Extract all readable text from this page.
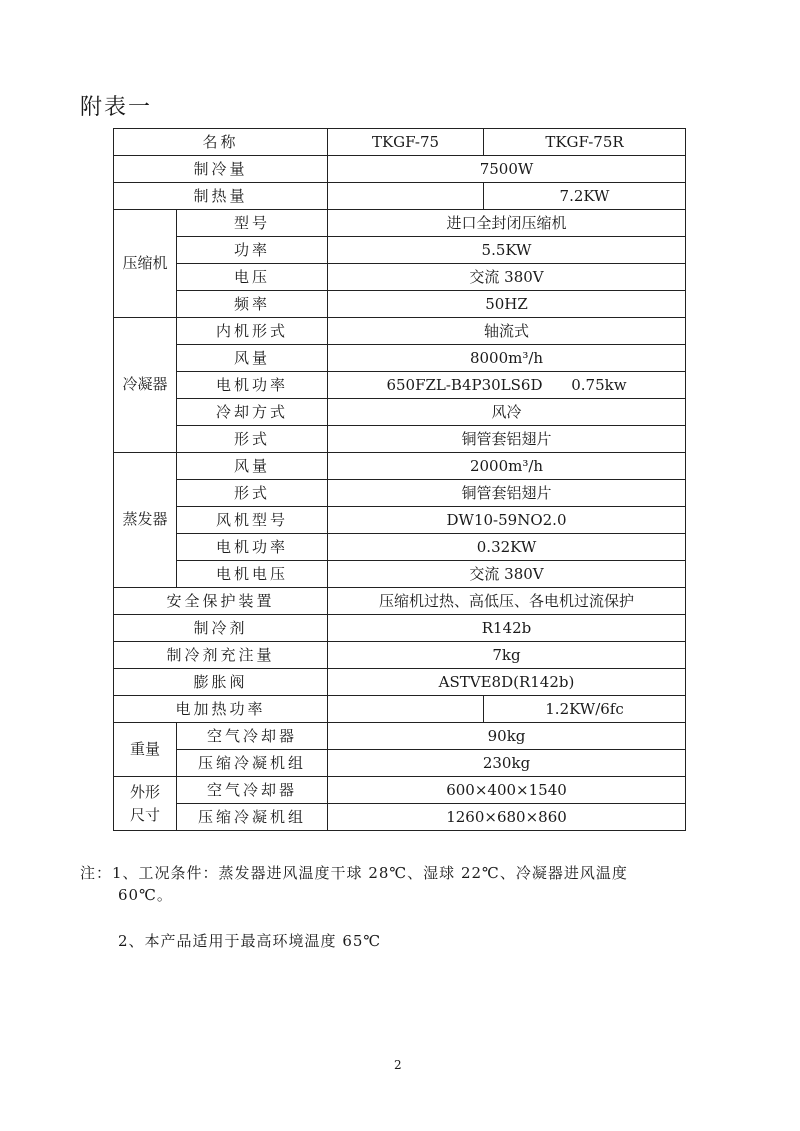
附表一
名称		TKGF-75	TKGF-75R
制冷量		7500W	
制热量			7.2KW

压缩机	型号	进口全封闭压缩机	
	功率	5.5KW	
	电压	交流 380V	
	频率	50HZ	

冷凝器	内机形式	轴流式	
	风量	8000m³/h	
	电机功率	650FZL-B4P30LS6D 0.75kw	
	冷却方式	风冷	
	形式	铜管套铝翅片	

蒸发器	风量	2000m³/h	
	形式	铜管套铝翅片	
	风机型号	DW10-59NO2.0	
	电机功率	0.32KW	
	电机电压	交流 380V	
安全保护装置		压缩机过热、高低压、各电机过流保护	
制冷剂		R142b	
制冷剂充注量		7kg	
膨胀阀		ASTVE8D(R142b)	
电加热功率			1.2KW/6fc
重量	空气冷却器	90kg	
	压缩冷凝机组	230kg	
外形尺寸	空气冷却器	600×400×1540	
	压缩冷凝机组	1260×680×860	
注：1、工况条件：蒸发器进风温度干球 28℃、湿球 22℃、冷凝器进风温度
60℃。
2、本产品适用于最高环境温度 65℃
2
